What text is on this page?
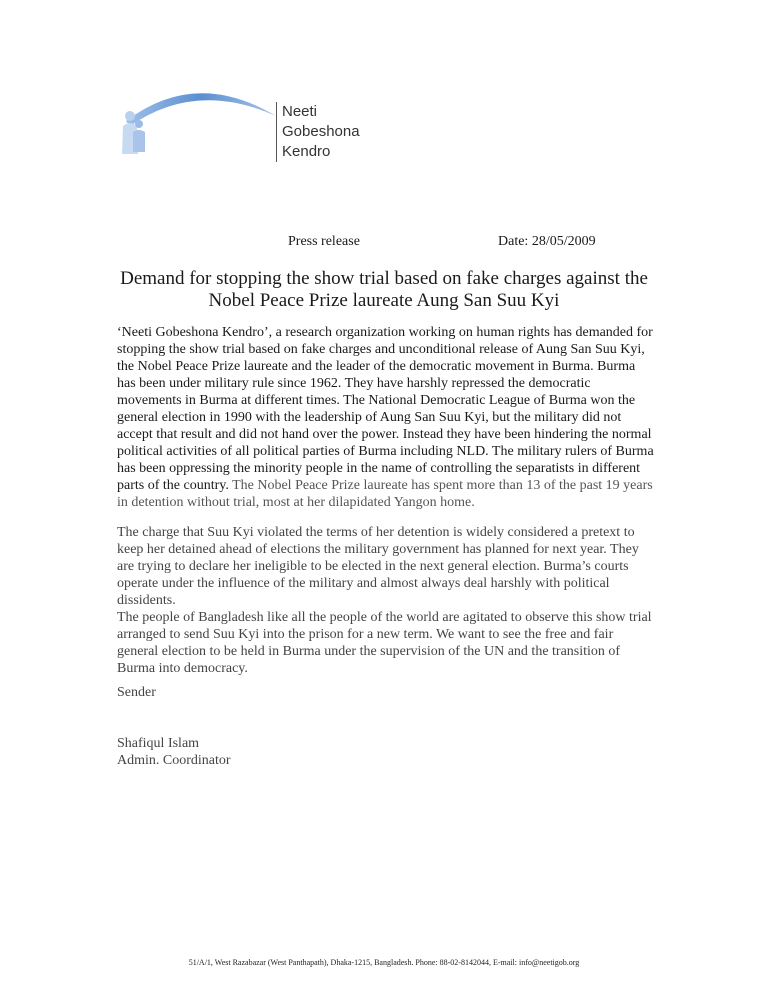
Neeti
Gobeshona
Kendro
Press release	Date: 28/05/2009
Demand for stopping the show trial based on fake charges against the
Nobel Peace Prize laureate Aung San Suu Kyi

‘Neeti Gobeshona Kendro’, a research organization working on human rights has demanded for stopping the show trial based on fake charges and unconditional release of Aung San Suu Kyi, the Nobel Peace Prize laureate and the leader of the democratic movement in Burma. Burma has been under military rule since 1962. They have harshly repressed the democratic movements in Burma at different times. The National Democratic League of Burma won the general election in 1990 with the leadership of Aung San Suu Kyi, but the military did not accept that result and did not hand over the power. Instead they have been hindering the normal political activities of all political parties of Burma including NLD. The military rulers of Burma has been oppressing the minority people in the name of controlling the separatists in different parts of the country. The Nobel Peace Prize laureate has spent more than 13 of the past 19 years in detention without trial, most at her dilapidated Yangon home.

The charge that Suu Kyi violated the terms of her detention is widely considered a pretext to keep her detained ahead of elections the military government has planned for next year. They are trying to declare her ineligible to be elected in the next general election. Burma’s courts operate under the influence of the military and almost always deal harshly with political dissidents.

The people of Bangladesh like all the people of the world are agitated to observe this show trial arranged to send Suu Kyi into the prison for a new term. We want to see the free and fair general election to be held in Burma under the supervision of the UN and the transition of Burma into democracy.

Sender
Shafiqul Islam
Admin. Coordinator
51/A/1, West Razabazar (West Panthapath), Dhaka-1215, Bangladesh. Phone: 88-02-8142044, E-mail: info@neetigob.org
